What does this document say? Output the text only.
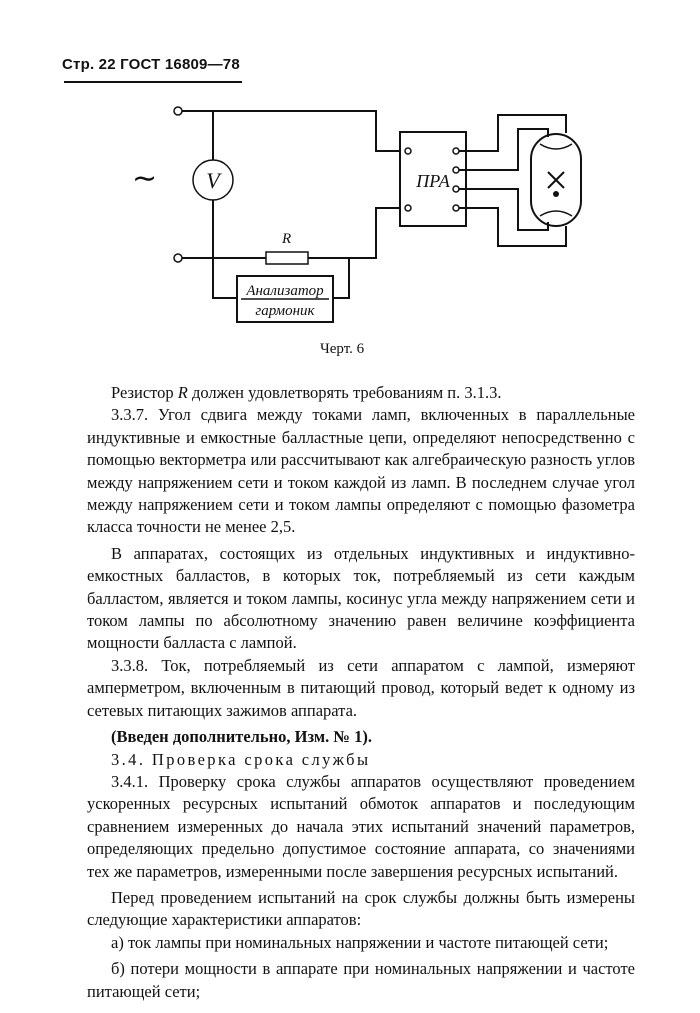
Стр. 22 ГОСТ 16809—78
∼ V
R
Анализатор
гармоник
ПРА
Черт. 6

Резистор R должен удовлетворять требованиям п. 3.1.3.

3.3.7. Угол сдвига между токами ламп, включенных в параллельные индуктивные и емкостные балластные цепи, определяют непосредственно с помощью векторметра или рассчитывают как алгебраическую разность углов между напряжением сети и током каждой из ламп. В последнем случае угол между напряжением сети и током лампы определяют с помощью фазометра класса точности не менее 2,5.

В аппаратах, состоящих из отдельных индуктивных и индуктивно-емкостных балластов, в которых ток, потребляемый из сети каждым балластом, является и током лампы, косинус угла между напряжением сети и током лампы по абсолютному значению равен величине коэффициента мощности балласта с лампой.

3.3.8. Ток, потребляемый из сети аппаратом с лампой, измеряют амперметром, включенным в питающий провод, который ведет к одному из сетевых питающих зажимов аппарата.

(Введен дополнительно, Изм. № 1).

3.4. Проверка срока службы

3.4.1. Проверку срока службы аппаратов осуществляют проведением ускоренных ресурсных испытаний обмоток аппаратов и последующим сравнением измеренных до начала этих испытаний значений параметров, определяющих предельно допустимое состояние аппарата, со значениями тех же параметров, измеренными после завершения ресурсных испытаний.

Перед проведением испытаний на срок службы должны быть измерены следующие характеристики аппаратов:

а) ток лампы при номинальных напряжении и частоте питающей сети;

б) потери мощности в аппарате при номинальных напряжении и частоте питающей сети;
